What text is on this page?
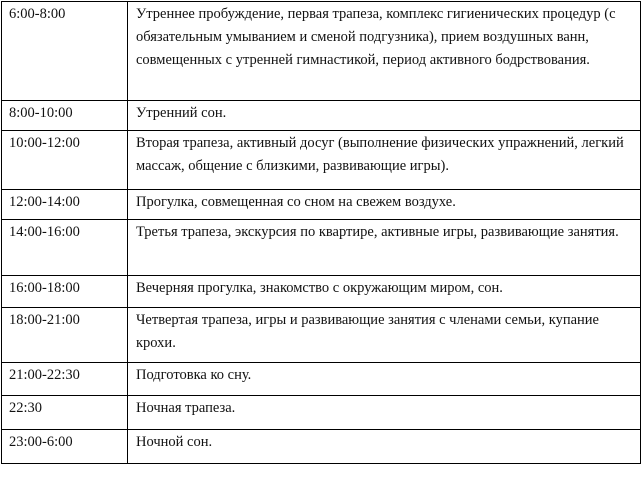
6:00-8:00	Утреннее пробуждение, первая трапеза, комплекс гигиенических процедур (с обязательным умыванием и сменой подгузника), прием воздушных ванн, совмещенных с утренней гимнастикой, период активного бодрствования.
8:00-10:00	Утренний сон.
10:00-12:00	Вторая трапеза, активный досуг (выполнение физических упражнений, легкий массаж, общение с близкими, развивающие игры).
12:00-14:00	Прогулка, совмещенная со сном на свежем воздухе.
14:00-16:00	Третья трапеза, экскурсия по квартире, активные игры, развивающие занятия.
16:00-18:00	Вечерняя прогулка, знакомство с окружающим миром, сон.
18:00-21:00	Четвертая трапеза, игры и развивающие занятия с членами семьи, купание крохи.
21:00-22:30	Подготовка ко сну.
22:30	Ночная трапеза.
23:00-6:00	Ночной сон.
